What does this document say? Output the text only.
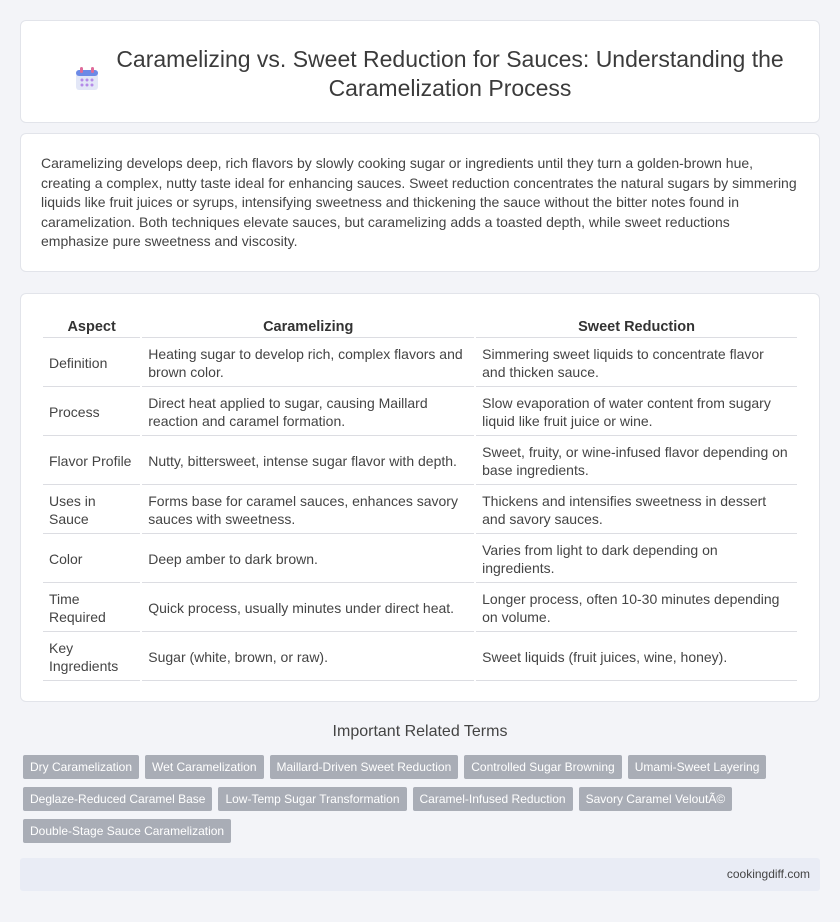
Caramelizing vs. Sweet Reduction for Sauces: Understanding the Caramelization Process

Caramelizing develops deep, rich flavors by slowly cooking sugar or ingredients until they turn a golden-brown hue, creating a complex, nutty taste ideal for enhancing sauces. Sweet reduction concentrates the natural sugars by simmering liquids like fruit juices or syrups, intensifying sweetness and thickening the sauce without the bitter notes found in caramelization. Both techniques elevate sauces, but caramelizing adds a toasted depth, while sweet reductions emphasize pure sweetness and viscosity.

Aspect	Caramelizing	Sweet Reduction
Definition	Heating sugar to develop rich, complex flavors and brown color.	Simmering sweet liquids to concentrate flavor and thicken sauce.
Process	Direct heat applied to sugar, causing Maillard reaction and caramel formation.	Slow evaporation of water content from sugary liquid like fruit juice or wine.
Flavor Profile	Nutty, bittersweet, intense sugar flavor with depth.	Sweet, fruity, or wine-infused flavor depending on base ingredients.
Uses in Sauce	Forms base for caramel sauces, enhances savory sauces with sweetness.	Thickens and intensifies sweetness in dessert and savory sauces.
Color	Deep amber to dark brown.	Varies from light to dark depending on ingredients.
Time Required	Quick process, usually minutes under direct heat.	Longer process, often 10-30 minutes depending on volume.
Key Ingredients	Sugar (white, brown, or raw).	Sweet liquids (fruit juices, wine, honey).
Important Related Terms
Dry Caramelization	Wet Caramelization	Maillard-Driven Sweet Reduction	Controlled Sugar Browning	Umami-Sweet Layering
Deglaze-Reduced Caramel Base	Low-Temp Sugar Transformation	Caramel-Infused Reduction	Savory Caramel VeloutÃ©
Double-Stage Sauce Caramelization
cookingdiff.com
